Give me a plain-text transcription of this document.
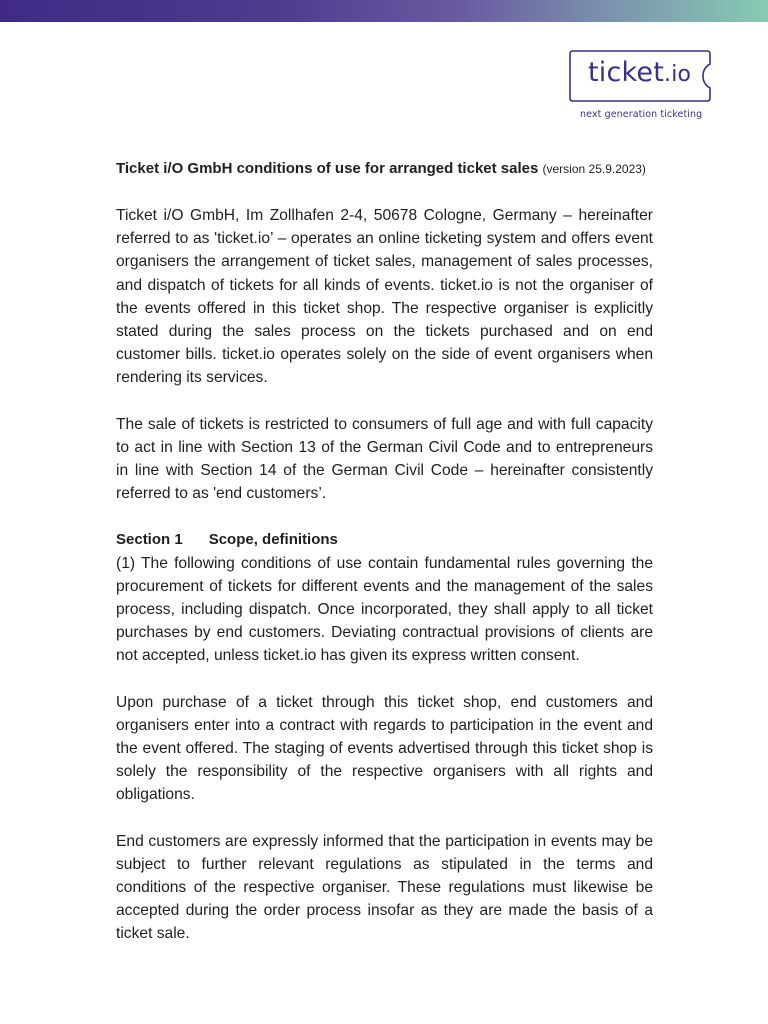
ticket.io
next generation ticketing

Ticket i/O GmbH conditions of use for arranged ticket sales (version 25.9.2023)

Ticket i/O GmbH, Im Zollhafen 2-4, 50678 Cologne, Germany – hereinafter referred to as 'ticket.io’ – operates an online ticketing system and offers event organisers the arrangement of ticket sales, management of sales processes, and dispatch of tickets for all kinds of events. ticket.io is not the organiser of the events offered in this ticket shop. The respective organiser is explicitly stated during the sales process on the tickets purchased and on end customer bills. ticket.io operates solely on the side of event organisers when rendering its services.

The sale of tickets is restricted to consumers of full age and with full capacity to act in line with Section 13 of the German Civil Code and to entrepreneurs in line with Section 14 of the German Civil Code – hereinafter consistently referred to as 'end customers’.

Section 1 Scope, definitions

(1) The following conditions of use contain fundamental rules governing the procurement of tickets for different events and the management of the sales process, including dispatch. Once incorporated, they shall apply to all ticket purchases by end customers. Deviating contractual provisions of clients are not accepted, unless ticket.io has given its express written consent.

Upon purchase of a ticket through this ticket shop, end customers and organisers enter into a contract with regards to participation in the event and the event offered. The staging of events advertised through this ticket shop is solely the responsibility of the respective organisers with all rights and obligations.

End customers are expressly informed that the participation in events may be subject to further relevant regulations as stipulated in the terms and conditions of the respective organiser. These regulations must likewise be accepted during the order process insofar as they are made the basis of a ticket sale.
